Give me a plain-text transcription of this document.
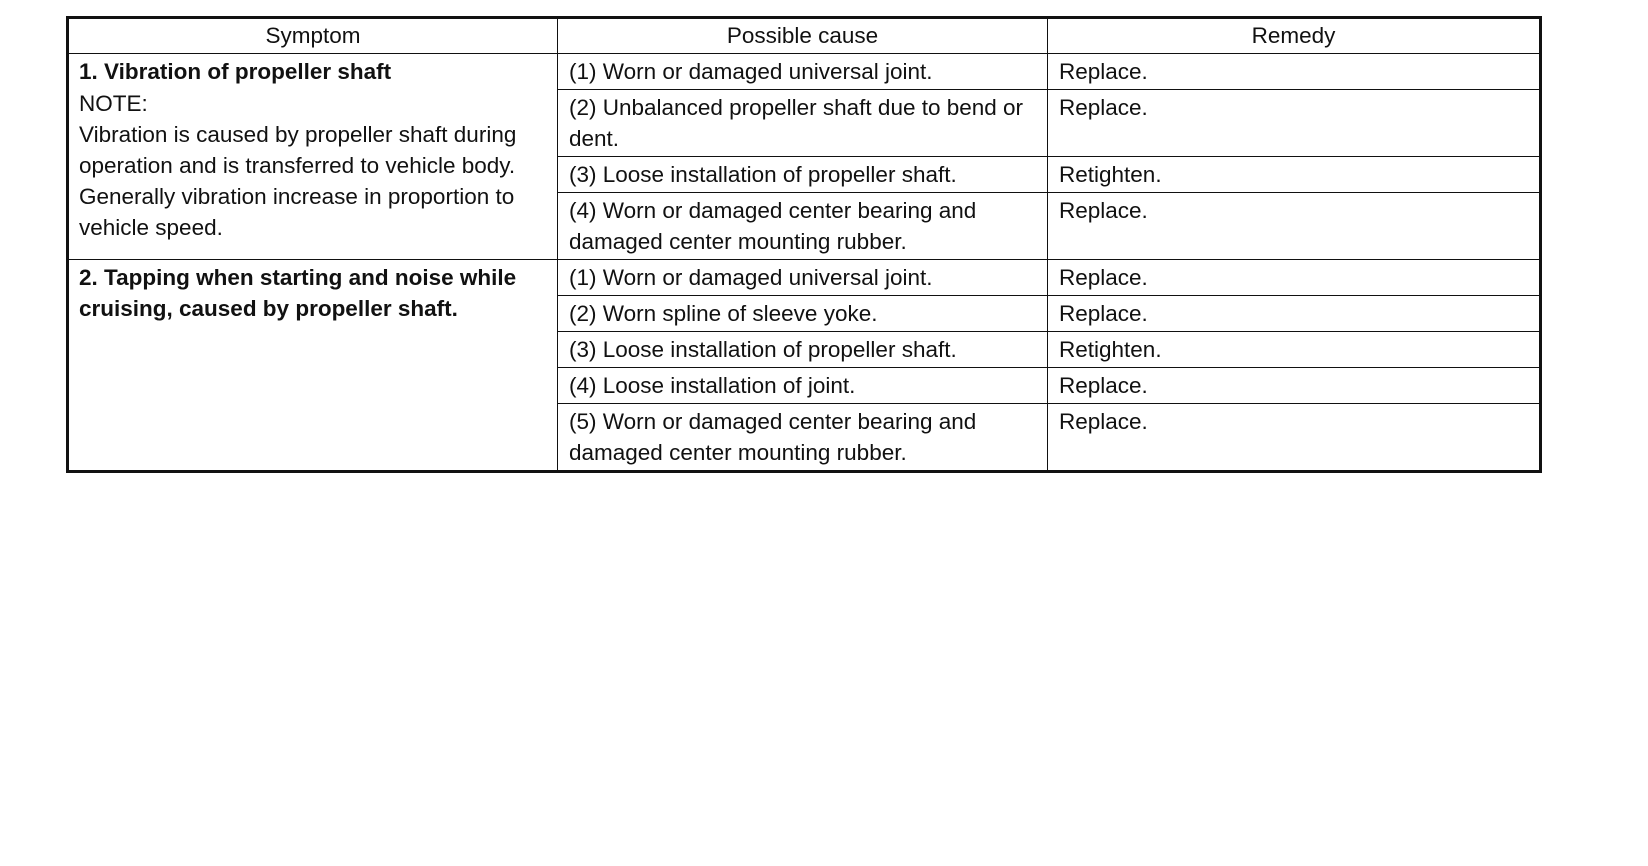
Symptom	Possible cause	Remedy

1. Vibration of propeller shaft
NOTE:
Vibration is caused by propeller shaft during operation and is transferred to vehicle body. Generally vibration increase in proportion to vehicle speed.	(1) Worn or damaged universal joint.	Replace.
	(2) Unbalanced propeller shaft due to bend or dent.	Replace.
	(3) Loose installation of propeller shaft.	Retighten.
	(4) Worn or damaged center bearing and damaged center mounting rubber.	Replace.

2. Tapping when starting and noise while cruising, caused by propeller shaft.	(1) Worn or damaged universal joint.	Replace.
	(2) Worn spline of sleeve yoke.	Replace.
	(3) Loose installation of propeller shaft.	Retighten.
	(4) Loose installation of joint.	Replace.
	(5) Worn or damaged center bearing and damaged center mounting rubber.	Replace.
